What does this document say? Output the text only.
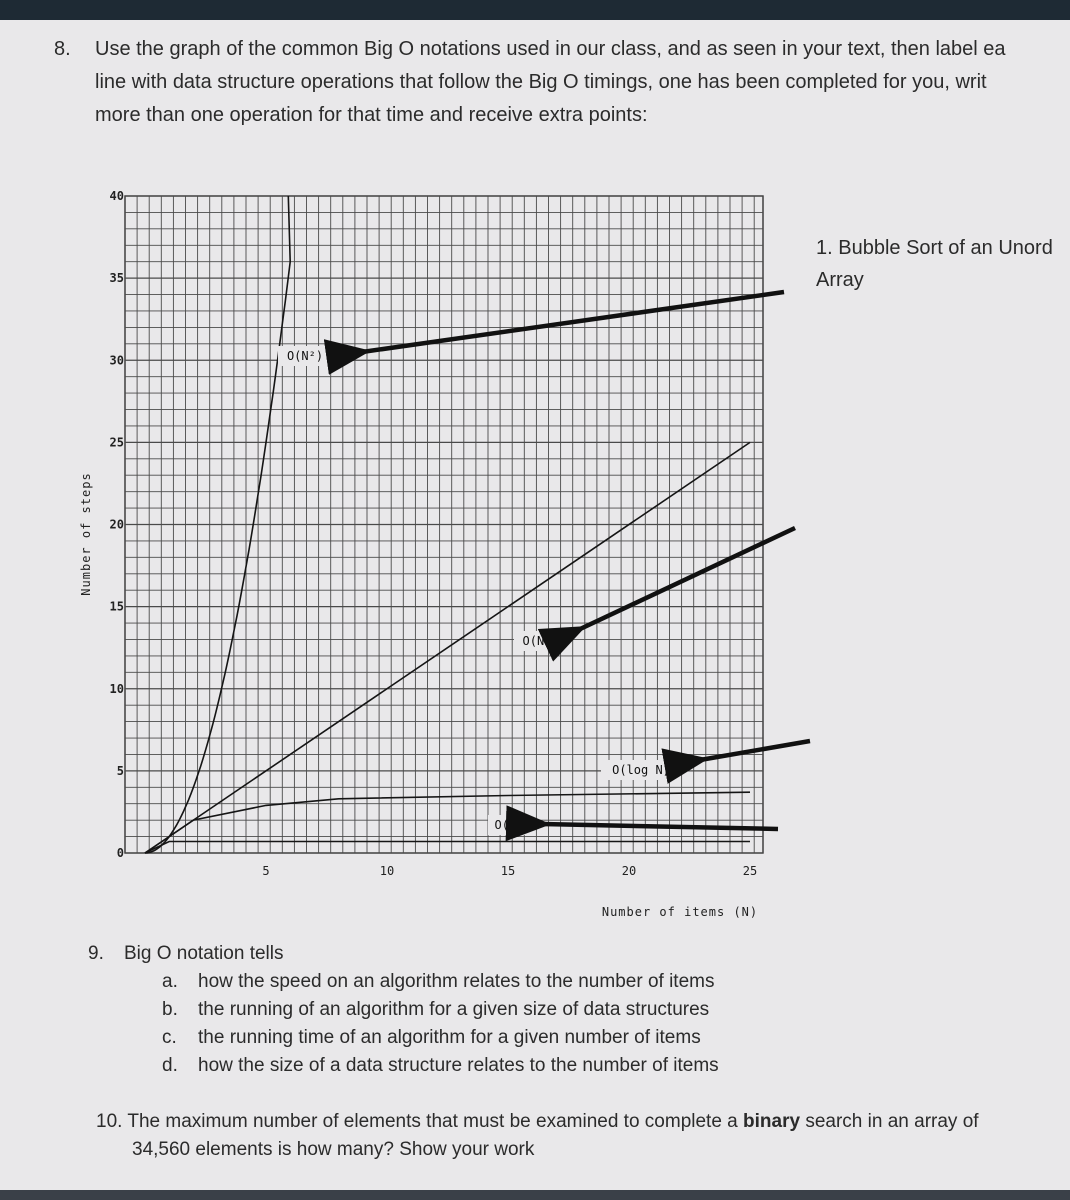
8. Use the graph of the common Big O notations used in our class, and as seen in your text, then label ea
line with data structure operations that follow the Big O timings, one has been completed for you, writ
more than one operation for that time and receive extra points:
1. Bubble Sort of an Unord
Array
5	10	15	20	25
0
5
10
15
20
25
30
35
40
O(N²)
O(N)
O(log N)
O(1)
Number of items (N)
Number of steps
9. Big O notation tells
a. how the speed on an algorithm relates to the number of items
b. the running of an algorithm for a given size of data structures
c. the running time of an algorithm for a given number of items
d. how the size of a data structure relates to the number of items
10. The maximum number of elements that must be examined to complete a binary search in an array of
34,560 elements is how many? Show your work
